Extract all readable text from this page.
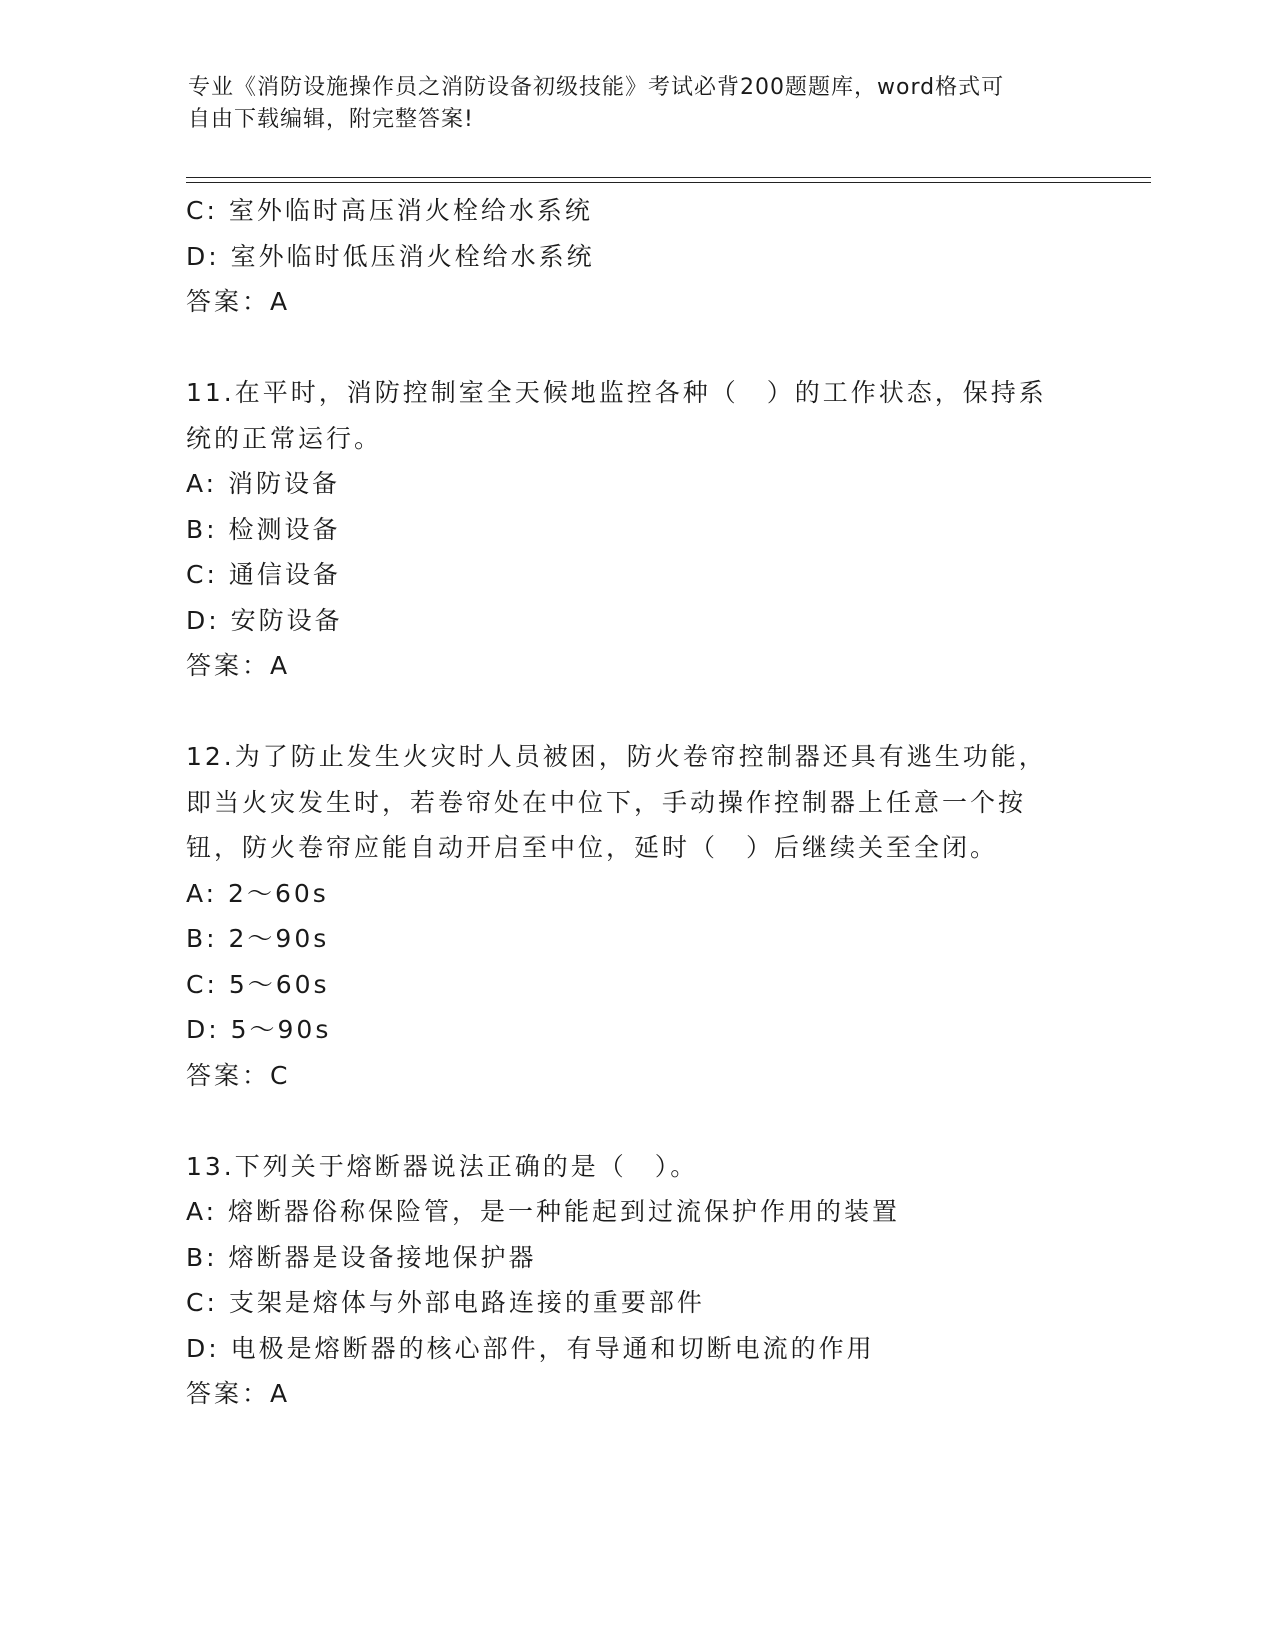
专业《消防设施操作员之消防设备初级技能》考试必背200题题库，word格式可
自由下载编辑，附完整答案!
C: 室外临时高压消火栓给水系统
D: 室外临时低压消火栓给水系统
答案：A
11.在平时，消防控制室全天候地监控各种（　）的工作状态，保持系
统的正常运行。
A: 消防设备
B: 检测设备
C: 通信设备
D: 安防设备
答案：A
12.为了防止发生火灾时人员被困，防火卷帘控制器还具有逃生功能，
即当火灾发生时，若卷帘处在中位下，手动操作控制器上任意一个按
钮，防火卷帘应能自动开启至中位，延时（　）后继续关至全闭。
A: 2～60s
B: 2～90s
C: 5～60s
D: 5～90s
答案：C
13.下列关于熔断器说法正确的是（　）。
A: 熔断器俗称保险管，是一种能起到过流保护作用的装置
B: 熔断器是设备接地保护器
C: 支架是熔体与外部电路连接的重要部件
D: 电极是熔断器的核心部件，有导通和切断电流的作用
答案：A
